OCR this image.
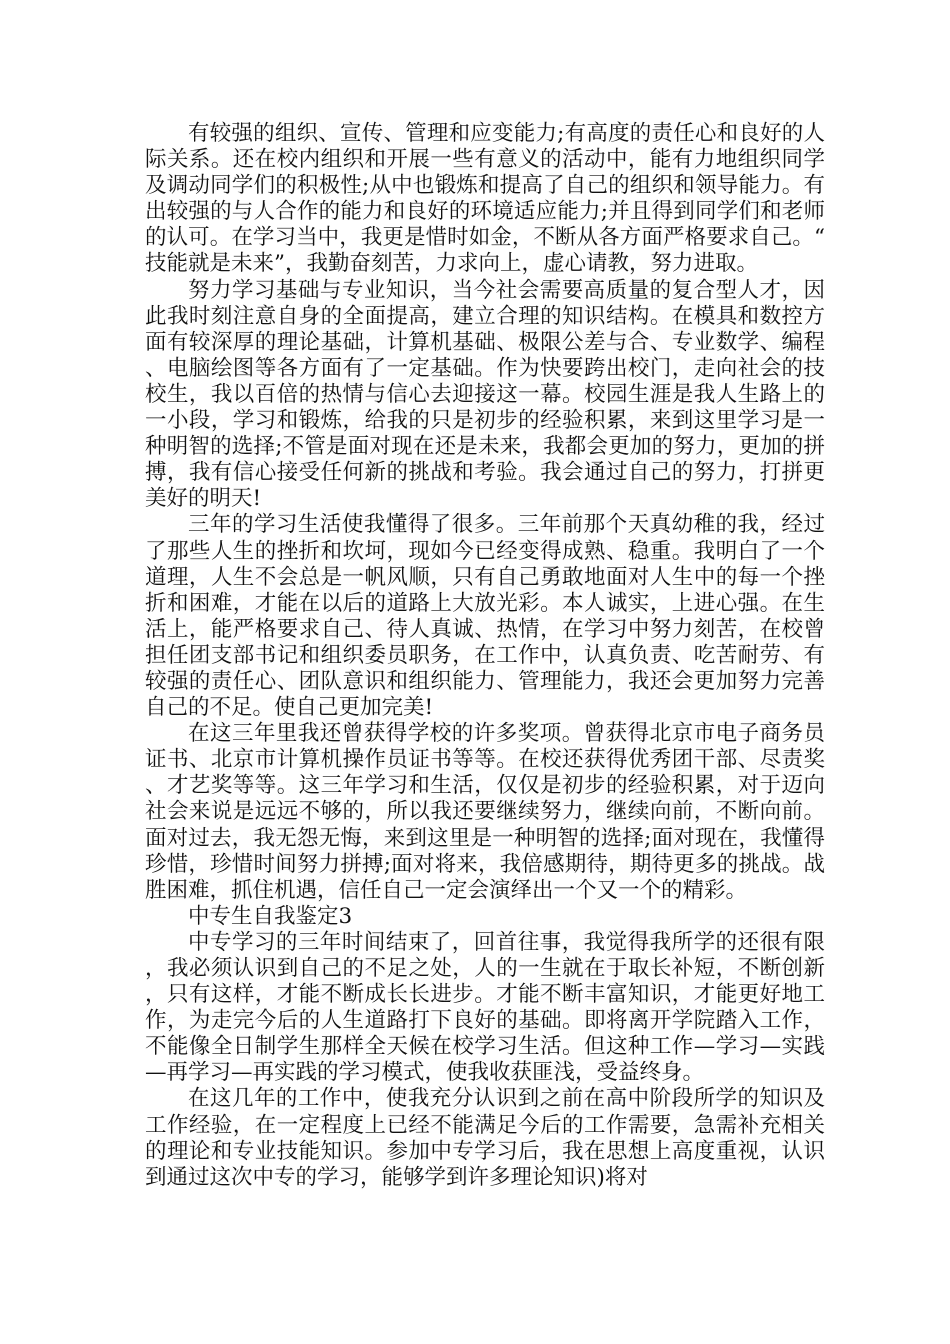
有较强的组织、宣传、管理和应变能力;有高度的责任心和良好的人际关系。还在校内组织和开展一些有意义的活动中，能有力地组织同学及调动同学们的积极性;从中也锻炼和提高了自己的组织和领导能力。有出较强的与人合作的能力和良好的环境适应能力;并且得到同学们和老师的认可。在学习当中，我更是惜时如金，不断从各方面严格要求自己。“技能就是未来”，我勤奋刻苦，力求向上，虚心请教，努力进取。

努力学习基础与专业知识，当今社会需要高质量的复合型人才，因此我时刻注意自身的全面提高，建立合理的知识结构。在模具和数控方面有较深厚的理论基础，计算机基础、极限公差与合、专业数学、编程、电脑绘图等各方面有了一定基础。作为快要跨出校门，走向社会的技校生，我以百倍的热情与信心去迎接这一幕。校园生涯是我人生路上的一小段，学习和锻炼，给我的只是初步的经验积累，来到这里学习是一种明智的选择;不管是面对现在还是未来，我都会更加的努力，更加的拼搏，我有信心接受任何新的挑战和考验。我会通过自己的努力，打拼更美好的明天!

三年的学习生活使我懂得了很多。三年前那个天真幼稚的我，经过了那些人生的挫折和坎坷，现如今已经变得成熟、稳重。我明白了一个道理，人生不会总是一帆风顺，只有自己勇敢地面对人生中的每一个挫折和困难，才能在以后的道路上大放光彩。本人诚实，上进心强。在生活上，能严格要求自己、待人真诚、热情，在学习中努力刻苦，在校曾担任团支部书记和组织委员职务，在工作中，认真负责、吃苦耐劳、有较强的责任心、团队意识和组织能力、管理能力，我还会更加努力完善自己的不足。使自己更加完美!

在这三年里我还曾获得学校的许多奖项。曾获得北京市电子商务员证书、北京市计算机操作员证书等等。在校还获得优秀团干部、尽责奖、才艺奖等等。这三年学习和生活，仅仅是初步的经验积累，对于迈向社会来说是远远不够的，所以我还要继续努力，继续向前，不断向前。面对过去，我无怨无悔，来到这里是一种明智的选择;面对现在，我懂得珍惜，珍惜时间努力拼搏;面对将来，我倍感期待，期待更多的挑战。战胜困难，抓住机遇，信任自己一定会演绎出一个又一个的精彩。

中专生自我鉴定3

中专学习的三年时间结束了，回首往事，我觉得我所学的还很有限，我必须认识到自己的不足之处，人的一生就在于取长补短，不断创新，只有这样，才能不断成长长进步。才能不断丰富知识，才能更好地工作，为走完今后的人生道路打下良好的基础。即将离开学院踏入工作，不能像全日制学生那样全天候在校学习生活。但这种工作—学习—实践—再学习—再实践的学习模式，使我收获匪浅，受益终身。

在这几年的工作中，使我充分认识到之前在高中阶段所学的知识及工作经验，在一定程度上已经不能满足今后的工作需要，急需补充相关的理论和专业技能知识。参加中专学习后，我在思想上高度重视，认识到通过这次中专的学习，能够学到许多理论知识)将对
